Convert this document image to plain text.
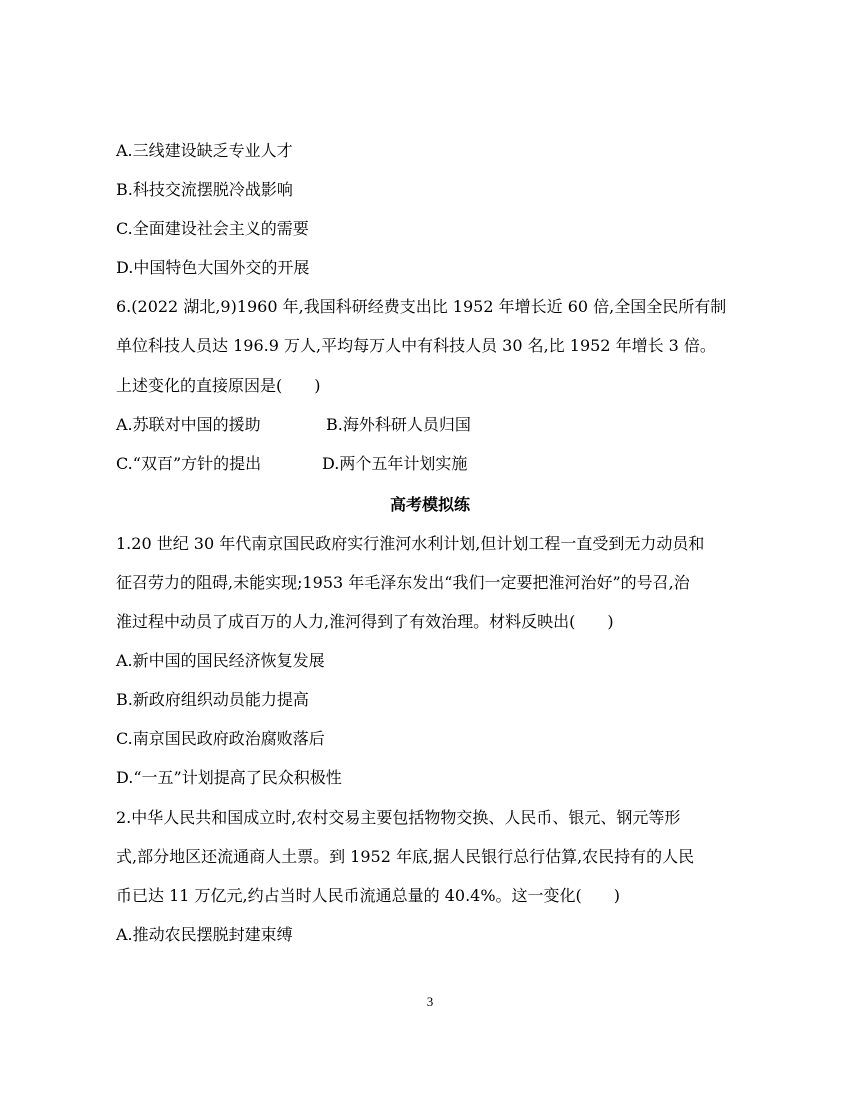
A.三线建设缺乏专业人才
B.科技交流摆脱冷战影响
C.全面建设社会主义的需要
D.中国特色大国外交的开展
6.(2022 湖北,9)1960 年,我国科研经费支出比 1952 年增长近 60 倍,全国全民所有制
单位科技人员达 196.9 万人,平均每万人中有科技人员 30 名,比 1952 年增长 3 倍。
上述变化的直接原因是(　　)
A.苏联对中国的援助	B.海外科研人员归国
C.“双百”方针的提出	D.两个五年计划实施
高考模拟练
1.20 世纪 30 年代南京国民政府实行淮河水利计划,但计划工程一直受到无力动员和
征召劳力的阻碍,未能实现;1953 年毛泽东发出“我们一定要把淮河治好”的号召,治
淮过程中动员了成百万的人力,淮河得到了有效治理。材料反映出(　　)
A.新中国的国民经济恢复发展
B.新政府组织动员能力提高
C.南京国民政府政治腐败落后
D.“一五”计划提高了民众积极性
2.中华人民共和国成立时,农村交易主要包括物物交换、人民币、银元、钢元等形
式,部分地区还流通商人土票。到 1952 年底,据人民银行总行估算,农民持有的人民
币已达 11 万亿元,约占当时人民币流通总量的 40.4%。这一变化(　　)
A.推动农民摆脱封建束缚
3
